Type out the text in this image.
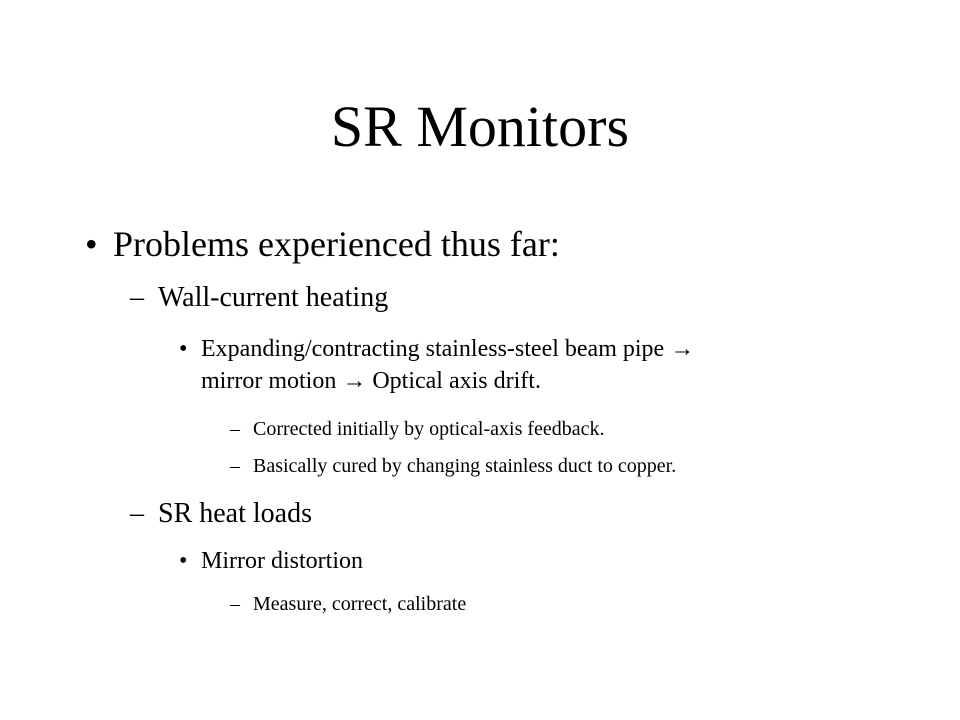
SR Monitors
• Problems experienced thus far:
– Wall-current heating
• Expanding/contracting stainless-steel beam pipe →
mirror motion → Optical axis drift.
– Corrected initially by optical-axis feedback.
– Basically cured by changing stainless duct to copper.
– SR heat loads
• Mirror distortion
– Measure, correct, calibrate
